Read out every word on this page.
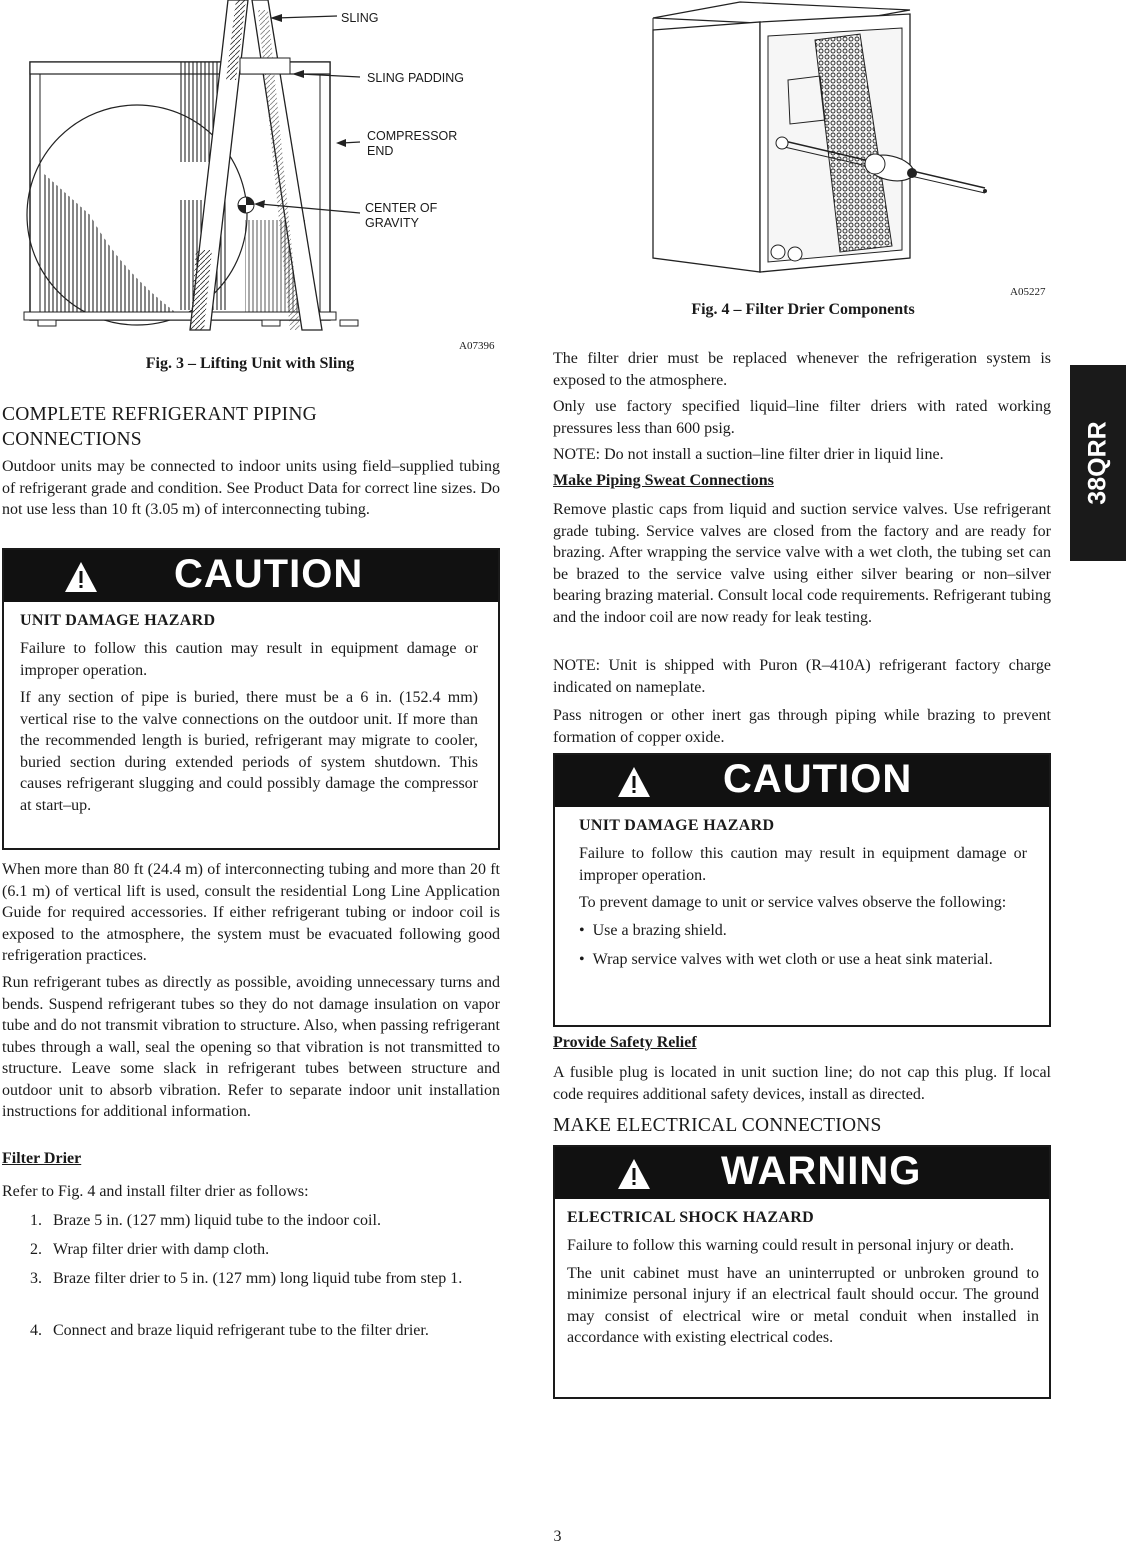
SLING
SLING PADDING
COMPRESSOR
END
CENTER OF
GRAVITY
A07396
Fig. 3 – Lifting Unit with Sling
A05227
Fig. 4 – Filter Drier Components
38QRR
COMPLETE REFRIGERANT PIPING
CONNECTIONS

Outdoor units may be connected to indoor units using field–supplied tubing of refrigerant grade and condition. See Product Data for correct line sizes. Do not use less than 10 ft (3.05 m) of interconnecting tubing.

CAUTION
UNIT DAMAGE HAZARD

Failure to follow this caution may result in equipment damage or improper operation.

If any section of pipe is buried, there must be a 6 in. (152.4 mm) vertical rise to the valve connections on the outdoor unit. If more than the recommended length is buried, refrigerant may migrate to cooler, buried section during extended periods of system shutdown. This causes refrigerant slugging and could possibly damage the compressor at start–up.

When more than 80 ft (24.4 m) of interconnecting tubing and more than 20 ft (6.1 m) of vertical lift is used, consult the residential Long Line Application Guide for required accessories. If either refrigerant tubing or indoor coil is exposed to the atmosphere, the system must be evacuated following good refrigeration practices.

Run refrigerant tubes as directly as possible, avoiding unnecessary turns and bends. Suspend refrigerant tubes so they do not damage insulation on vapor tube and do not transmit vibration to structure. Also, when passing refrigerant tubes through a wall, seal the opening so that vibration is not transmitted to structure. Leave some slack in refrigerant tubes between structure and outdoor unit to absorb vibration. Refer to separate indoor unit installation instructions for additional information.

Filter Drier

Refer to Fig. 4 and install filter drier as follows:

1. Braze 5 in. (127 mm) liquid tube to the indoor coil.
2. Wrap filter drier with damp cloth.
3. Braze filter drier to 5 in. (127 mm) long liquid tube from step 1.
4. Connect and braze liquid refrigerant tube to the filter drier.

The filter drier must be replaced whenever the refrigeration system is exposed to the atmosphere.

Only use factory specified liquid–line filter driers with rated working pressures less than 600 psig.

NOTE: Do not install a suction–line filter drier in liquid line.

Make Piping Sweat Connections

Remove plastic caps from liquid and suction service valves. Use refrigerant grade tubing. Service valves are closed from the factory and are ready for brazing. After wrapping the service valve with a wet cloth, the tubing set can be brazed to the service valve using either silver bearing or non–silver bearing brazing material. Consult local code requirements. Refrigerant tubing and the indoor coil are now ready for leak testing.

NOTE: Unit is shipped with Puron (R–410A) refrigerant factory charge indicated on nameplate.

Pass nitrogen or other inert gas through piping while brazing to prevent formation of copper oxide.

CAUTION
UNIT DAMAGE HAZARD

Failure to follow this caution may result in equipment damage or improper operation.

To prevent damage to unit or service valves observe the following:

•  Use a brazing shield.
•  Wrap service valves with wet cloth or use a heat sink material.
Provide Safety Relief

A fusible plug is located in unit suction line; do not cap this plug. If local code requires additional safety devices, install as directed.

MAKE ELECTRICAL CONNECTIONS
WARNING
ELECTRICAL SHOCK HAZARD

Failure to follow this warning could result in personal injury or death.

The unit cabinet must have an uninterrupted or unbroken ground to minimize personal injury if an electrical fault should occur. The ground may consist of electrical wire or metal conduit when installed in accordance with existing electrical codes.

3
